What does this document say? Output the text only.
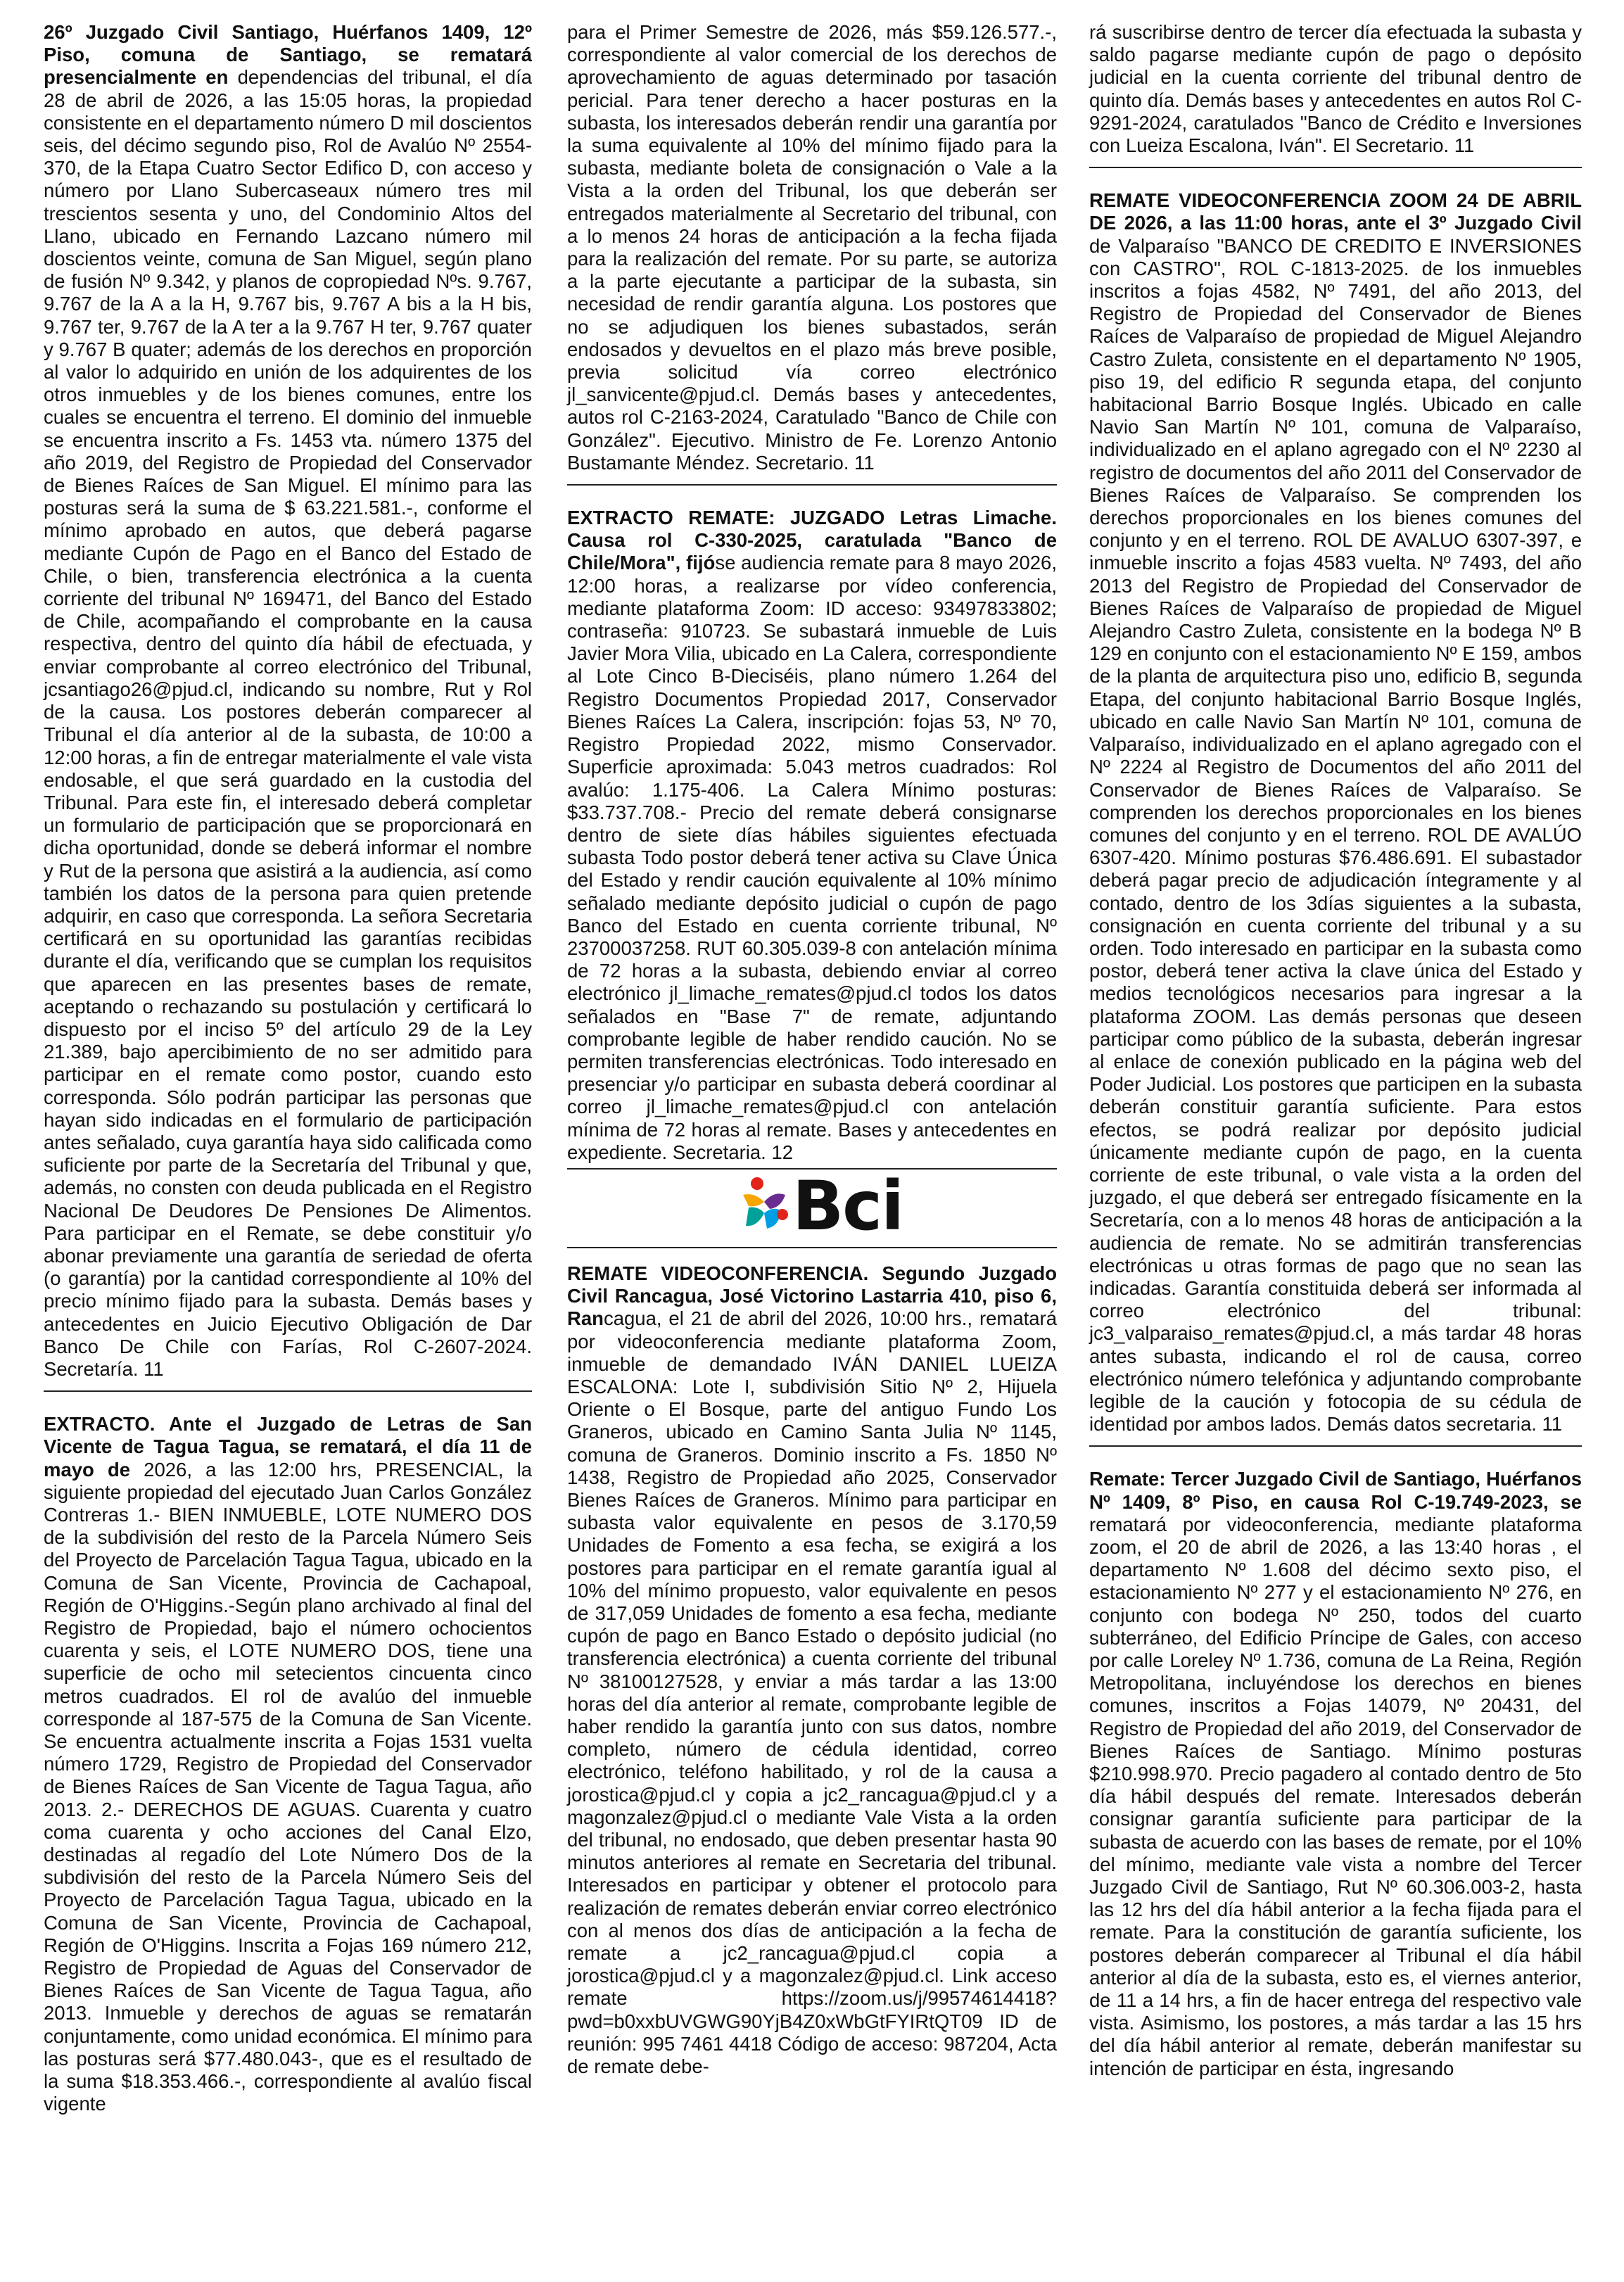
26º Juzgado Civil Santiago, Huérfanos 1409, 12º Piso, comuna de Santiago, se rematará presencialmente en dependencias del tribunal, el día 28 de abril de 2026, a las 15:05 horas, la propiedad consistente en el departamento número D mil doscientos seis, del décimo segundo piso, Rol de Avalúo Nº 2554-370, de la Etapa Cuatro Sector Edifico D, con acceso y número por Llano Subercaseaux número tres mil trescientos sesenta y uno, del Condominio Altos del Llano, ubicado en Fernando Lazcano número mil doscientos veinte, comuna de San Miguel, según plano de fusión Nº 9.342, y planos de copropiedad Nºs. 9.767, 9.767 de la A a la H, 9.767 bis, 9.767 A bis a la H bis, 9.767 ter, 9.767 de la A ter a la 9.767 H ter, 9.767 quater y 9.767 B quater; además de los derechos en proporción al valor lo adquirido en unión de los adquirentes de los otros inmuebles y de los bienes comunes, entre los cuales se encuentra el terreno. El dominio del inmueble se encuentra inscrito a Fs. 1453 vta. número 1375 del año 2019, del Registro de Propiedad del Conservador de Bienes Raíces de San Miguel. El mínimo para las posturas será la suma de $ 63.221.581.-, conforme el mínimo aprobado en autos, que deberá pagarse mediante Cupón de Pago en el Banco del Estado de Chile, o bien, transferencia electrónica a la cuenta corriente del tribunal Nº 169471, del Banco del Estado de Chile, acompañando el comprobante en la causa respectiva, dentro del quinto día hábil de efectuada, y enviar comprobante al correo electrónico del Tribunal, jcsantiago26@pjud.cl, indicando su nombre, Rut y Rol de la causa. Los postores deberán comparecer al Tribunal el día anterior al de la subasta, de 10:00 a 12:00 horas, a fin de entregar materialmente el vale vista endosable, el que será guardado en la custodia del Tribunal. Para este fin, el interesado deberá completar un formulario de participación que se proporcionará en dicha oportunidad, donde se deberá informar el nombre y Rut de la persona que asistirá a la audiencia, así como también los datos de la persona para quien pretende adquirir, en caso que corresponda. La señora Secretaria certificará en su oportunidad las garantías recibidas durante el día, verificando que se cumplan los requisitos que aparecen en las presentes bases de remate, aceptando o rechazando su postulación y certificará lo dispuesto por el inciso 5º del artículo 29 de la Ley 21.389, bajo apercibimiento de no ser admitido para participar en el remate como postor, cuando esto corresponda. Sólo podrán participar las personas que hayan sido indicadas en el formulario de participación antes señalado, cuya garantía haya sido calificada como suficiente por parte de la Secretaría del Tribunal y que, además, no consten con deuda publicada en el Registro Nacional De Deudores De Pensiones De Alimentos. Para participar en el Remate, se debe constituir y/o abonar previamente una garantía de seriedad de oferta (o garantía) por la cantidad correspondiente al 10% del precio mínimo fijado para la subasta. Demás bases y antecedentes en Juicio Ejecutivo Obligación de Dar Banco De Chile con Farías, Rol C-2607-2024. Secretaría. 11

EXTRACTO. Ante el Juzgado de Letras de San Vicente de Tagua Tagua, se rematará, el día 11 de mayo de 2026, a las 12:00 hrs, PRESENCIAL, la siguiente propiedad del ejecutado Juan Carlos González Contreras 1.- BIEN INMUEBLE, LOTE NUMERO DOS de la subdivisión del resto de la Parcela Número Seis del Proyecto de Parcelación Tagua Tagua, ubicado en la Comuna de San Vicente, Provincia de Cachapoal, Región de O'Higgins.-Según plano archivado al final del Registro de Propiedad, bajo el número ochocientos cuarenta y seis, el LOTE NUMERO DOS, tiene una superficie de ocho mil setecientos cincuenta cinco metros cuadrados. El rol de avalúo del inmueble corresponde al 187-575 de la Comuna de San Vicente. Se encuentra actualmente inscrita a Fojas 1531 vuelta número 1729, Registro de Propiedad del Conservador de Bienes Raíces de San Vicente de Tagua Tagua, año 2013. 2.- DERECHOS DE AGUAS. Cuarenta y cuatro coma cuarenta y ocho acciones del Canal Elzo, destinadas al regadío del Lote Número Dos de la subdivisión del resto de la Parcela Número Seis del Proyecto de Parcelación Tagua Tagua, ubicado en la Comuna de San Vicente, Provincia de Cachapoal, Región de O'Higgins. Inscrita a Fojas 169 número 212, Registro de Propiedad de Aguas del Conservador de Bienes Raíces de San Vicente de Tagua Tagua, año 2013. Inmueble y derechos de aguas se rematarán conjuntamente, como unidad económica. El mínimo para las posturas será $77.480.043-, que es el resultado de la suma $18.353.466.-, correspondiente al avalúo fiscal vigente

para el Primer Semestre de 2026, más $59.126.577.-, correspondiente al valor comercial de los derechos de aprovechamiento de aguas determinado por tasación pericial. Para tener derecho a hacer posturas en la subasta, los interesados deberán rendir una garantía por la suma equivalente al 10% del mínimo fijado para la subasta, mediante boleta de consignación o Vale a la Vista a la orden del Tribunal, los que deberán ser entregados materialmente al Secretario del tribunal, con a lo menos 24 horas de anticipación a la fecha fijada para la realización del remate. Por su parte, se autoriza a la parte ejecutante a participar de la subasta, sin necesidad de rendir garantía alguna. Los postores que no se adjudiquen los bienes subastados, serán endosados y devueltos en el plazo más breve posible, previa solicitud vía correo electrónico jl_sanvicente@pjud.cl. Demás bases y antecedentes, autos rol C-2163-2024, Caratulado "Banco de Chile con González". Ejecutivo. Ministro de Fe. Lorenzo Antonio Bustamante Méndez. Secretario. 11

EXTRACTO REMATE: JUZGADO Letras Limache. Causa rol C-330-2025, caratulada "Banco de Chile/Mora", fijóse audiencia remate para 8 mayo 2026, 12:00 horas, a realizarse por vídeo conferencia, mediante plataforma Zoom: ID acceso: 93497833802; contraseña: 910723. Se subastará inmueble de Luis Javier Mora Vilia, ubicado en La Calera, correspondiente al Lote Cinco B-Dieciséis, plano número 1.264 del Registro Documentos Propiedad 2017, Conservador Bienes Raíces La Calera, inscripción: fojas 53, Nº 70, Registro Propiedad 2022, mismo Conservador. Superficie aproximada: 5.043 metros cuadrados: Rol avalúo: 1.175-406. La Calera Mínimo posturas: $33.737.708.- Precio del remate deberá consignarse dentro de siete días hábiles siguientes efectuada subasta Todo postor deberá tener activa su Clave Única del Estado y rendir caución equivalente al 10% mínimo señalado mediante depósito judicial o cupón de pago Banco del Estado en cuenta corriente tribunal, Nº 23700037258. RUT 60.305.039-8 con antelación mínima de 72 horas a la subasta, debiendo enviar al correo electrónico jl_limache_remates@pjud.cl todos los datos señalados en "Base 7" de remate, adjuntando comprobante legible de haber rendido caución. No se permiten transferencias electrónicas. Todo interesado en presenciar y/o participar en subasta deberá coordinar al correo jl_limache_remates@pjud.cl con antelación mínima de 72 horas al remate. Bases y antecedentes en expediente. Secretaria. 12

Bci

REMATE VIDEOCONFERENCIA. Segundo Juzgado Civil Rancagua, José Victorino Lastarria 410, piso 6, Rancagua, el 21 de abril del 2026, 10:00 hrs., rematará por videoconferencia mediante plataforma Zoom, inmueble de demandado IVÁN DANIEL LUEIZA ESCALONA: Lote I, subdivisión Sitio Nº 2, Hijuela Oriente o El Bosque, parte del antiguo Fundo Los Graneros, ubicado en Camino Santa Julia Nº 1145, comuna de Graneros. Dominio inscrito a Fs. 1850 Nº 1438, Registro de Propiedad año 2025, Conservador Bienes Raíces de Graneros. Mínimo para participar en subasta valor equivalente en pesos de 3.170,59 Unidades de Fomento a esa fecha, se exigirá a los postores para participar en el remate garantía igual al 10% del mínimo propuesto, valor equivalente en pesos de 317,059 Unidades de fomento a esa fecha, mediante cupón de pago en Banco Estado o depósito judicial (no transferencia electrónica) a cuenta corriente del tribunal Nº 38100127528, y enviar a más tardar a las 13:00 horas del día anterior al remate, comprobante legible de haber rendido la garantía junto con sus datos, nombre completo, número de cédula identidad, correo electrónico, teléfono habilitado, y rol de la causa a jorostica@pjud.cl y copia a jc2_rancagua@pjud.cl y a magonzalez@pjud.cl o mediante Vale Vista a la orden del tribunal, no endosado, que deben presentar hasta 90 minutos anteriores al remate en Secretaria del tribunal. Interesados en participar y obtener el protocolo para realización de remates deberán enviar correo electrónico con al menos dos días de anticipación a la fecha de remate a jc2_rancagua@pjud.cl copia a jorostica@pjud.cl y a magonzalez@pjud.cl. Link acceso remate https://zoom.us/j/99574614418?pwd=b0xxbUVGWG90YjB4Z0xWbGtFYIRtQT09 ID de reunión: 995 7461 4418 Código de acceso: 987204, Acta de remate debe-

rá suscribirse dentro de tercer día efectuada la subasta y saldo pagarse mediante cupón de pago o depósito judicial en la cuenta corriente del tribunal dentro de quinto día. Demás bases y antecedentes en autos Rol C-9291-2024, caratulados "Banco de Crédito e Inversiones con Lueiza Escalona, Iván". El Secretario. 11

REMATE VIDEOCONFERENCIA ZOOM 24 DE ABRIL DE 2026, a las 11:00 horas, ante el 3º Juzgado Civil de Valparaíso "BANCO DE CREDITO E INVERSIONES con CASTRO", ROL C-1813-2025. de los inmuebles inscritos a fojas 4582, Nº 7491, del año 2013, del Registro de Propiedad del Conservador de Bienes Raíces de Valparaíso de propiedad de Miguel Alejandro Castro Zuleta, consistente en el departamento Nº 1905, piso 19, del edificio R segunda etapa, del conjunto habitacional Barrio Bosque Inglés. Ubicado en calle Navio San Martín Nº 101, comuna de Valparaíso, individualizado en el aplano agregado con el Nº 2230 al registro de documentos del año 2011 del Conservador de Bienes Raíces de Valparaíso. Se comprenden los derechos proporcionales en los bienes comunes del conjunto y en el terreno. ROL DE AVALUO 6307-397, e inmueble inscrito a fojas 4583 vuelta. Nº 7493, del año 2013 del Registro de Propiedad del Conservador de Bienes Raíces de Valparaíso de propiedad de Miguel Alejandro Castro Zuleta, consistente en la bodega Nº B 129 en conjunto con el estacionamiento Nº E 159, ambos de la planta de arquitectura piso uno, edificio B, segunda Etapa, del conjunto habitacional Barrio Bosque Inglés, ubicado en calle Navio San Martín Nº 101, comuna de Valparaíso, individualizado en el aplano agregado con el Nº 2224 al Registro de Documentos del año 2011 del Conservador de Bienes Raíces de Valparaíso. Se comprenden los derechos proporcionales en los bienes comunes del conjunto y en el terreno. ROL DE AVALÚO 6307-420. Mínimo posturas $76.486.691. El subastador deberá pagar precio de adjudicación íntegramente y al contado, dentro de los 3días siguientes a la subasta, consignación en cuenta corriente del tribunal y a su orden. Todo interesado en participar en la subasta como postor, deberá tener activa la clave única del Estado y medios tecnológicos necesarios para ingresar a la plataforma ZOOM. Las demás personas que deseen participar como público de la subasta, deberán ingresar al enlace de conexión publicado en la página web del Poder Judicial. Los postores que participen en la subasta deberán constituir garantía suficiente. Para estos efectos, se podrá realizar por depósito judicial únicamente mediante cupón de pago, en la cuenta corriente de este tribunal, o vale vista a la orden del juzgado, el que deberá ser entregado físicamente en la Secretaría, con a lo menos 48 horas de anticipación a la audiencia de remate. No se admitirán transferencias electrónicas u otras formas de pago que no sean las indicadas. Garantía constituida deberá ser informada al correo electrónico del tribunal: jc3_valparaiso_remates@pjud.cl, a más tardar 48 horas antes subasta, indicando el rol de causa, correo electrónico número telefónica y adjuntando comprobante legible de la caución y fotocopia de su cédula de identidad por ambos lados. Demás datos secretaria. 11

Remate: Tercer Juzgado Civil de Santiago, Huérfanos Nº 1409, 8º Piso, en causa Rol C-19.749-2023, se rematará por videoconferencia, mediante plataforma zoom, el 20 de abril de 2026, a las 13:40 horas , el departamento Nº 1.608 del décimo sexto piso, el estacionamiento Nº 277 y el estacionamiento Nº 276, en conjunto con bodega Nº 250, todos del cuarto subterráneo, del Edificio Príncipe de Gales, con acceso por calle Loreley Nº 1.736, comuna de La Reina, Región Metropolitana, incluyéndose los derechos en bienes comunes, inscritos a Fojas 14079, Nº 20431, del Registro de Propiedad del año 2019, del Conservador de Bienes Raíces de Santiago. Mínimo posturas $210.998.970. Precio pagadero al contado dentro de 5to día hábil después del remate. Interesados deberán consignar garantía suficiente para participar de la subasta de acuerdo con las bases de remate, por el 10% del mínimo, mediante vale vista a nombre del Tercer Juzgado Civil de Santiago, Rut Nº 60.306.003-2, hasta las 12 hrs del día hábil anterior a la fecha fijada para el remate. Para la constitución de garantía suficiente, los postores deberán comparecer al Tribunal el día hábil anterior al día de la subasta, esto es, el viernes anterior, de 11 a 14 hrs, a fin de hacer entrega del respectivo vale vista. Asimismo, los postores, a más tardar a las 15 hrs del día hábil anterior al remate, deberán manifestar su intención de participar en ésta, ingresando
